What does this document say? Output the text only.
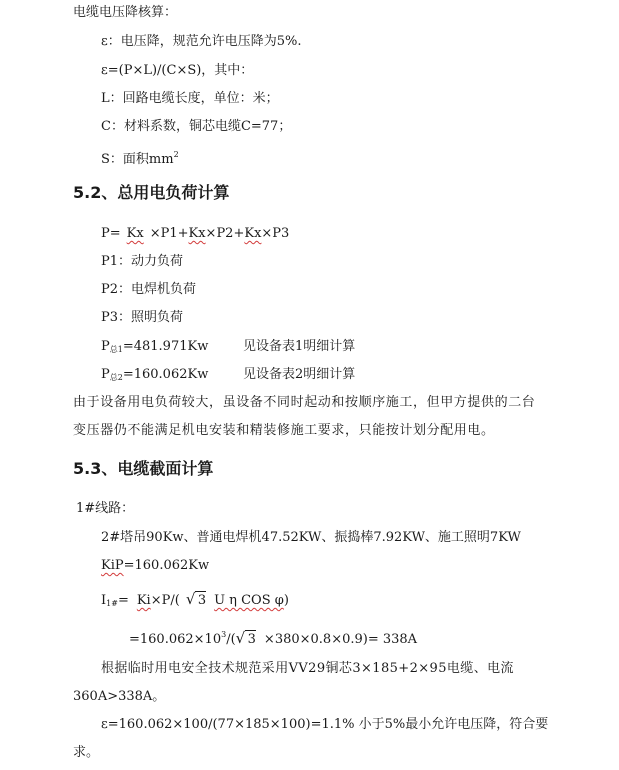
电缆电压降核算：
ε：电压降，规范允许电压降为5%.
ε=(P×L)/(C×S)，其中：
L：回路电缆长度，单位：米；
C：材料系数，铜芯电缆C=77；
S：面积$mm^2$
5.2、总用电负荷计算
P= Kx ×P1+Kx×P2+Kx×P3
P1：动力负荷
P2：电焊机负荷
P3：照明负荷
$P_{总1}=481.971Kw$	见设备表1明细计算
$P_{总2}=160.062Kw$	见设备表2明细计算
由于设备用电负荷较大，虽设备不同时起动和按顺序施工，但甲方提供的二台
变压器仍不能满足机电安装和精装修施工要求，只能按计划分配用电。
5.3、电缆截面计算
1#线路：
2#塔吊90Kw、普通电焊机47.52KW、振捣棒7.92KW、施工照明7KW
KiP=160.062Kw
$I_{1\#}= Ki\times P/$( √ 3 U η COS φ)
$=160.062\times 10^3/$( √ 3 ×380×0.8×0.9)= 338A
根据临时用电安全技术规范采用VV29铜芯3×185+2×95电缆、电流
360A>338A。
ε=160.062×100/(77×185×100)=1.1% 小于5%最小允许电压降，符合要
求。
